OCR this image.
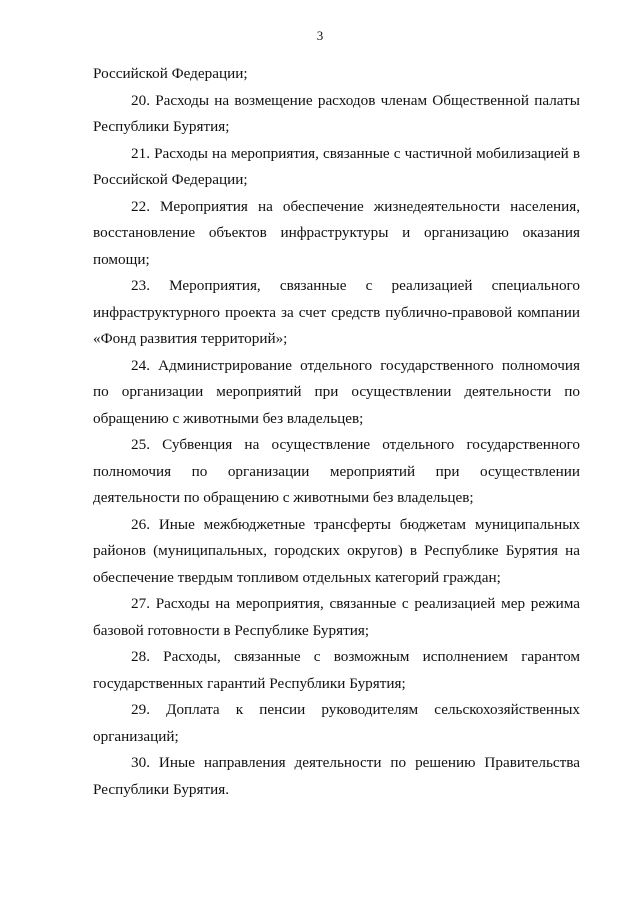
3
Российской Федерации;
20. Расходы на возмещение расходов членам Общественной палаты
Республики Бурятия;
21. Расходы на мероприятия, связанные с частичной мобилизацией в
Российской Федерации;
22. Мероприятия на обеспечение жизнедеятельности населения,
восстановление объектов инфраструктуры и организацию оказания
помощи;
23. Мероприятия, связанные с реализацией специального
инфраструктурного проекта за счет средств публично-правовой компании
«Фонд развития территорий»;
24. Администрирование отдельного государственного полномочия
по организации мероприятий при осуществлении деятельности по
обращению с животными без владельцев;
25. Субвенция на осуществление отдельного государственного
полномочия по организации мероприятий при осуществлении
деятельности по обращению с животными без владельцев;
26. Иные межбюджетные трансферты бюджетам муниципальных
районов (муниципальных, городских округов) в Республике Бурятия на
обеспечение твердым топливом отдельных категорий граждан;
27. Расходы на мероприятия, связанные с реализацией мер режима
базовой готовности в Республике Бурятия;
28. Расходы, связанные с возможным исполнением гарантом
государственных гарантий Республики Бурятия;
29. Доплата к пенсии руководителям сельскохозяйственных
организаций;
30. Иные направления деятельности по решению Правительства
Республики Бурятия.
